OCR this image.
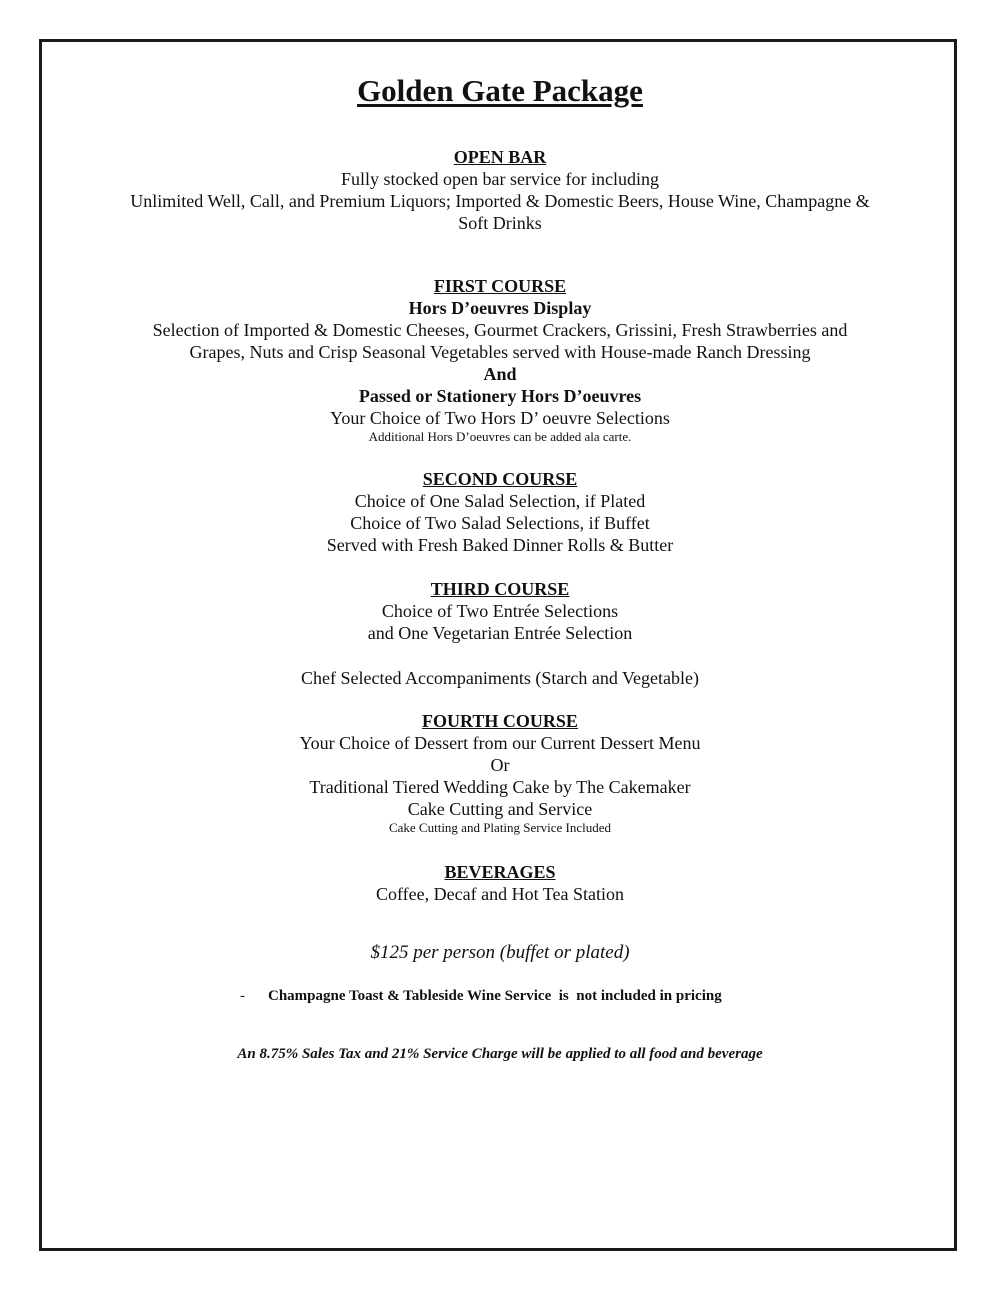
Golden Gate Package

OPEN BAR

Fully stocked open bar service for including

Unlimited Well, Call, and Premium Liquors; Imported & Domestic Beers, House Wine, Champagne &

Soft Drinks

FIRST COURSE

Hors D’oeuvres Display

Selection of Imported & Domestic Cheeses, Gourmet Crackers, Grissini, Fresh Strawberries and

Grapes, Nuts and Crisp Seasonal Vegetables served with House-made Ranch Dressing

And

Passed or Stationery Hors D’oeuvres

Your Choice of Two Hors D’ oeuvre Selections

Additional Hors D’oeuvres can be added ala carte.

SECOND COURSE

Choice of One Salad Selection, if Plated

Choice of Two Salad Selections, if Buffet

Served with Fresh Baked Dinner Rolls & Butter

THIRD COURSE

Choice of Two Entrée Selections

and One Vegetarian Entrée Selection

Chef Selected Accompaniments (Starch and Vegetable)

FOURTH COURSE

Your Choice of Dessert from our Current Dessert Menu

Or

Traditional Tiered Wedding Cake by The Cakemaker

Cake Cutting and Service

Cake Cutting and Plating Service Included

BEVERAGES

Coffee, Decaf and Hot Tea Station

$125 per person (buffet or plated)

- Champagne Toast & Tableside Wine Service  is  not included in pricing

An 8.75% Sales Tax and 21% Service Charge will be applied to all food and beverage
